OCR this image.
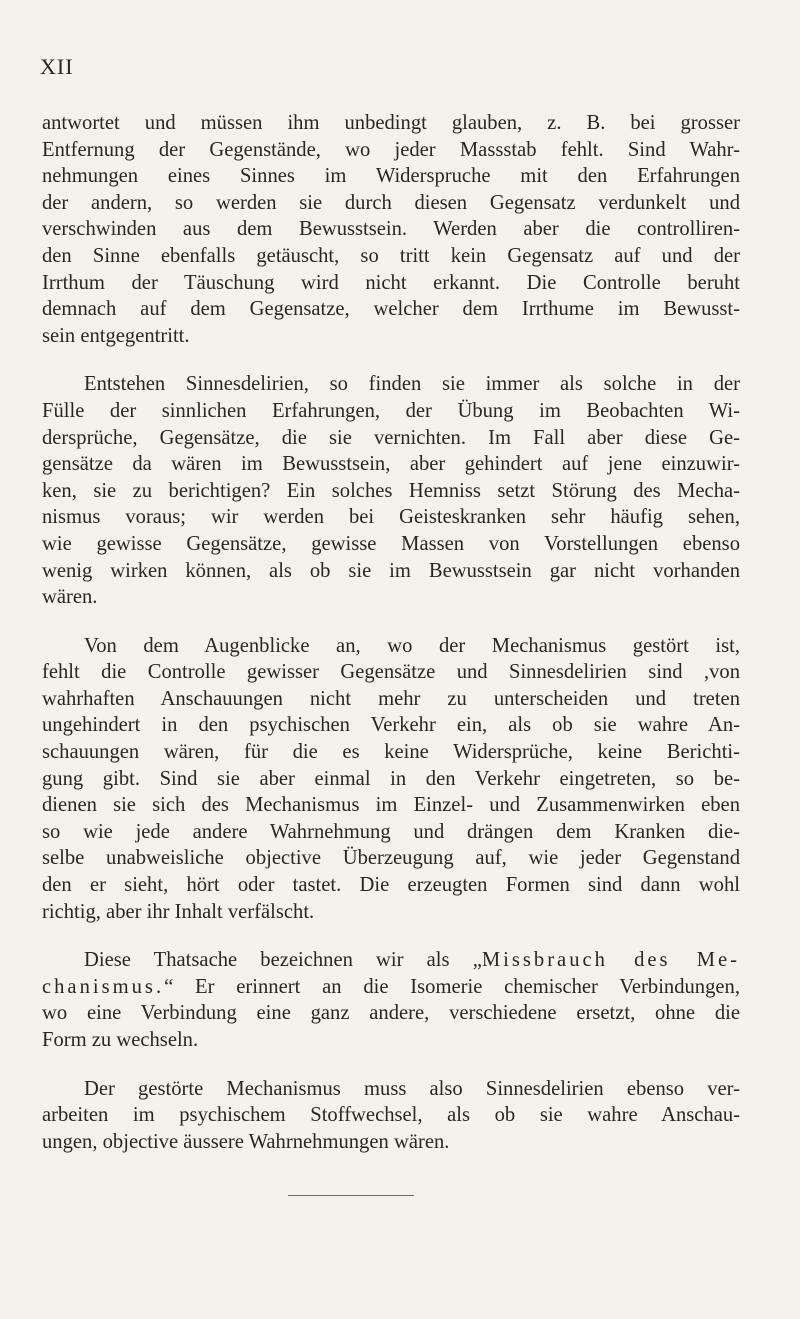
XII

antwortet und müssen ihm unbedingt glauben, z. B. bei grosser
Entfernung der Gegenstände, wo jeder Massstab fehlt. Sind Wahr-
nehmungen eines Sinnes im Widerspruche mit den Erfahrungen
der andern, so werden sie durch diesen Gegensatz verdunkelt und
verschwinden aus dem Bewusstsein. Werden aber die controlliren-
den Sinne ebenfalls getäuscht, so tritt kein Gegensatz auf und der
Irrthum der Täuschung wird nicht erkannt. Die Controlle beruht
demnach auf dem Gegensatze, welcher dem Irrthume im Bewusst-
sein entgegentritt.

Entstehen Sinnesdelirien, so finden sie immer als solche in der
Fülle der sinnlichen Erfahrungen, der Übung im Beobachten Wi-
dersprüche, Gegensätze, die sie vernichten. Im Fall aber diese Ge-
gensätze da wären im Bewusstsein, aber gehindert auf jene einzuwir-
ken, sie zu berichtigen? Ein solches Hemniss setzt Störung des Mecha-
nismus voraus; wir werden bei Geisteskranken sehr häufig sehen,
wie gewisse Gegensätze, gewisse Massen von Vorstellungen ebenso
wenig wirken können, als ob sie im Bewusstsein gar nicht vorhanden
wären.

Von dem Augenblicke an, wo der Mechanismus gestört ist,
fehlt die Controlle gewisser Gegensätze und Sinnesdelirien sind ,von
wahrhaften Anschauungen nicht mehr zu unterscheiden und treten
ungehindert in den psychischen Verkehr ein, als ob sie wahre An-
schauungen wären, für die es keine Widersprüche, keine Berichti-
gung gibt. Sind sie aber einmal in den Verkehr eingetreten, so be-
dienen sie sich des Mechanismus im Einzel- und Zusammenwirken eben
so wie jede andere Wahrnehmung und drängen dem Kranken die-
selbe unabweisliche objective Überzeugung auf, wie jeder Gegenstand
den er sieht, hört oder tastet. Die erzeugten Formen sind dann wohl
richtig, aber ihr Inhalt verfälscht.

Diese Thatsache bezeichnen wir als „Missbrauch des Me-
chanismus.“ Er erinnert an die Isomerie chemischer Verbindungen,
wo eine Verbindung eine ganz andere, verschiedene ersetzt, ohne die
Form zu wechseln.

Der gestörte Mechanismus muss also Sinnesdelirien ebenso ver-
arbeiten im psychischem Stoffwechsel, als ob sie wahre Anschau-
ungen, objective äussere Wahrnehmungen wären.
